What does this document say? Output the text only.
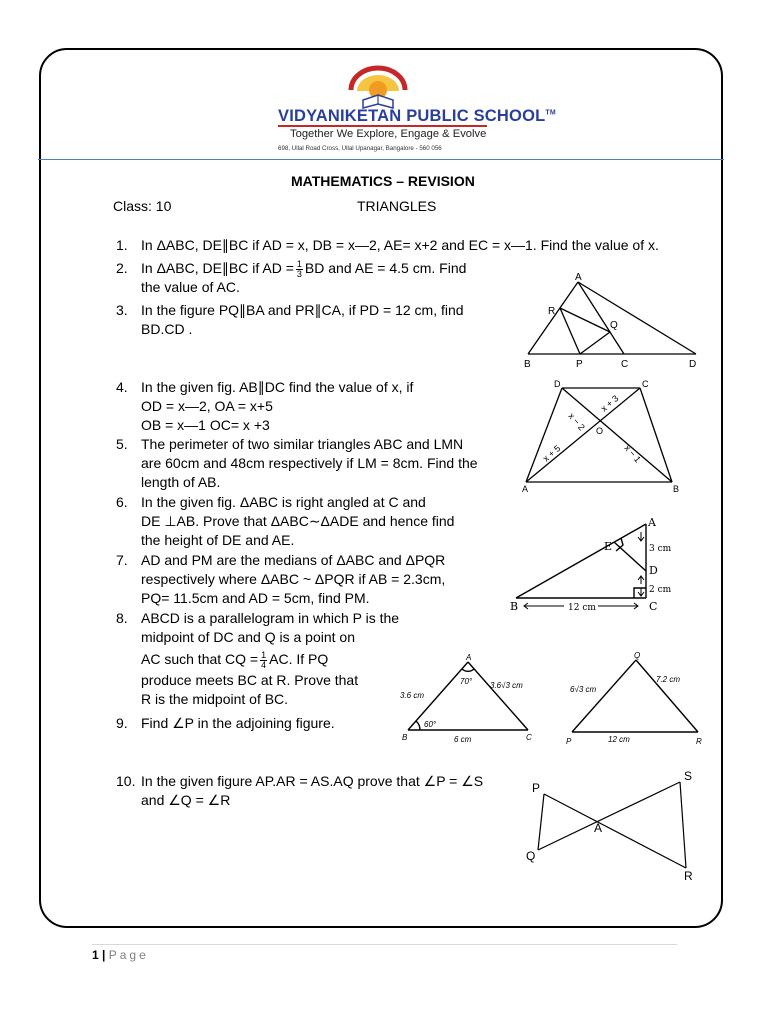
VIDYANIKETAN PUBLIC SCHOOL™
Together We Explore, Engage & Evolve
698, Ullal Road Cross, Ullal Upanagar, Bangalore - 560 056
MATHEMATICS – REVISION
Class: 10	TRIANGLES
1. In ΔABC, DE∥BC if AD = x, DB = x—2, AE= x+2 and EC = x—1. Find the value of x.
2. In ΔABC, DE∥BC if AD = $\frac{1}{3}$ BD and AE = 4.5 cm. Find
the value of AC.
3. In the figure PQ∥BA and PR∥CA, if PD = 12 cm, find
BD.CD .
4. In the given fig. AB∥DC find the value of x, if
OD = x—2, OA = x+5
OB = x—1 OC= x +3
5. The perimeter of two similar triangles ABC and LMN
are 60cm and 48cm respectively if LM = 8cm. Find the
length of AB.
6. In the given fig. ΔABC is right angled at C and
DE ⊥AB. Prove that ΔABC∼ΔADE and hence find
the height of DE and AE.
7. AD and PM are the medians of ΔABC and ΔPQR
respectively where ΔABC ~ ΔPQR if AB = 2.3cm,
PQ= 11.5cm and AD = 5cm, find PM.
8. ABCD is a parallelogram in which P is the
midpoint of DC and Q is a point on
AC such that CQ = $\frac{1}{4}$ AC. If PQ
produce meets BC at R. Prove that
R is the midpoint of BC.
9. Find ∠P in the adjoining figure.
10. In the given figure AP.AR = AS.AQ prove that ∠P = ∠S
and ∠Q = ∠R
A
R
Q
B	P	C	D
D	C
A	B
O
x − 2
x + 3
x + 5	x − 1
A
E
D
B	C
3 cm
2 cm
12 cm
A
B	C
3.6 cm
3.6√3 cm
6 cm
70°
60°
Q
P	R
6√3 cm
7.2 cm
12 cm
P
S
A
Q
R
1 | Page
